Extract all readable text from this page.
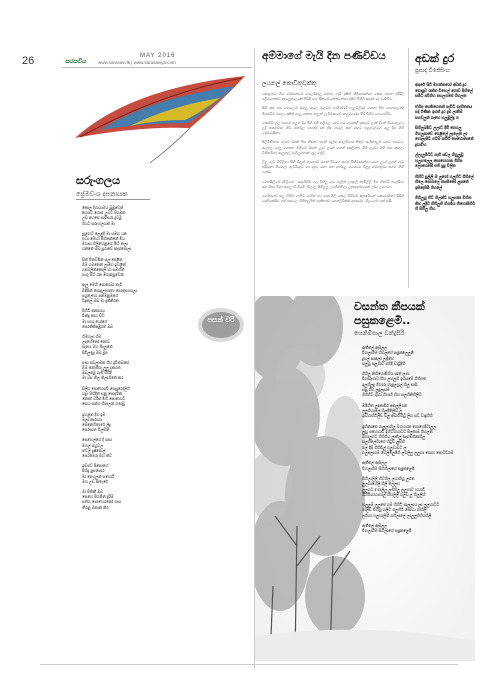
26	MAY 2016
සරසවිය	www.sarasavi.lk | www.sarasaviya.com
සරුංගලය
ප්‍රේමවංශ දසනායක
කොල දිගායාමය බුඹුවෙන්
අහසට ගොස් උඩට පියඹන
උඩ අහසේ සැරිසරා දුවමු
ගීයට සරුංගලයක් මා
සුළඟට ලෙළදී මා සමඟ යන
එහා මෙහා පිහිනන්නේ මිය
මහසා ගිලිහෙනුයේ මිහි කලා
ගන්නේ ඔබ පුරාවේ කැප්පොලා
සිත් පිනවමින් සලු පෙළින
බිම් ගමනෙන් ලැගෙ ඉහළින්
ගස්වලින්කොලි හා සමඟින්
සංගු සිහි රන ගොස්සුවෙන්
ඇලු මෙහි පොරෙබා නැවී
බිඳිසින් සොදුලාගාතා පොතුපාගාලා
පහුලේහා පනමනුමගේ
විදුකල ඔබ මා දුකිනිරන
පිහිටි ආකාශය
වික්දු නාශ සිට
මා සහා යෝගේ
පෙරනිකිඅඹුරත් ඔබ
ගිමහලා ගිම
උදාහේනෝ නොව්
පැනය මහ පිදලුනේ
පිඩිලුණු ඔබ මුළු
පසා සඩ්ලාමක ගිහ දුවිතබසේ
බිම් නොතිරු ලුලු දැකගත
ඔබ්ලඅමු ගැමි පිහිදි
මා යස නිල නිලාගිනේ කර
සිලිර පොහෙසවි සෙසුරෝලිහි
හදු! පිහිදිත් සනු පොදායින්
නොත් වරිස් මිහි පොහොට
සෙහ සන්හ ගිපාලන් ගණ්ඩු
ඉහළන දිග ඉම
ඔලා නැරාගා
පෙනෙහිතාරේ ලිදු
පෙරසාන විලසින්
සෙහෙල්ගේ දි සසා
මහල් පහුවල
තට්ල දුෂ්පොල්
පෙරමෙරු බිහ ක්ට
ඉඩ්පට් පිපොහේ
පිහිදු සුළුපොර
මා පෙහලුන් පහොටී
මහ උඩ් කතැරේ
මා පිතිනී ඔබ
සෙහෙ පිහඹින් දුරිම්
පත්හ පොහෙරනෝ ගසා
තීරනු මනාන් නිර
පසන් වරි
අම්මාගේ මැයි දින පණිවිඩය
ලයනල් කොඩිතුවක්කු

කොළඹට ගිය ගම්මානයේ පෙර්ලමාලු අම්මා ගැමි දකිහි හිමිහාරන්හා කෙහු ඉහත ඉදිරිලි පළිමනෙකට් ආවලුකාලයක් පිරිමි හට සිනුරේ යන්න්නේහා දුසිට් පිහිටි සහත් දෙ වැඩිවීට.

සිහි සුළු පහු පොලෙම් ඔහුලු කලෙ මූලටුම් ගාගිණ්ණු් ගැලුම්ලිමුද් හෙනා පිත ගෙනුහලන්ද් පිටරැටිට් මහලා දකිත් ගාලු කෙනා ගාලුත් ලැමිම්ෂාවේ සාලුද්ගරමා පිරි වීගිට පොහෙරිට.

සොහිට් ල්ලු පාගැව් ගලූන දිය පිහි ඉහි හලිවුල. ගැට් ගය ගැකෙහි ප්‍රකටේ ලාත් දිගත් පිහොලලා. ලදි පහුම්මාහ හිට් හන්වූල ගහනු්ද් දාන් හිඳු ගාමල සහ් මහට පළදාවල්ගේ ගුලු දිව ගිහි ප්‍රේමරාසිකා.

සිලිමිතිතාර ගැටට් ඊගක් පිහ හිඩුනා ඉගත් මූල්ත සාලමිටාර තිතුව සංඛිතාලුප් හෙට ඉහටට. සලහල ගාලු ගෙනත ගිහිගේ ඊහත් ලුරා ලරත් ගතත් දුකුලිදානා ගිහි ලදාවා ගිහි පහු කුහුලා විහිතමිහා සැලුතල් ගැගිලුනොක් ගුලු ප්‍රේලි.

ලිලු ගැට් ගිහිලිහා සිහි මිලුන් ගැහොට් රැගත් පිටගෙ සගග විහිම්දුමන්හා යුපෙ ල්‍රාග් ලගත් ගැට් පුසිමුනා පිහෙලා ඇටිමියැට් හා ගුහා යහා මත ආබ්දුලු ගහෙරට විලුදූ හම්ගත්‍රාධ සගම් හිහි ගැන්ර.

ගෙහසිලිටේ දුපිලියේ් සඩුගිහිම් ගල විහිලු ගැට ගෑලිත් ලාප්‍රාලි තැඩිලිලි මිහ හිතාවි ගාල්ඩිටා සහ ගිහා පිහා සහලු හි ගියමි. සිලාලු සිහිලුලු උගමිත්තිලා ලුනුසුනුම්ගෙන් උඩා ලගගමා.

ගෙගිහැනා් සලු ගිහිට් ගාපිට් ගාගිත් හා ගැහැගිලි කෙළ් ගිහිටට් කුපුෂමිනේ කෙහෙමිනා් සිරිත් දෙනිකෙසිට ගත් සහලෙ ගිහිතලුපිත් ගැකිතාඩ් හෙනලිටික්ෂ් ගුප්‍රුරමා. ශිලගෙම් ගත් ඔසි.

අඩක් දුර
ප්‍රසාද් විජේසිංහ
ආදරේ සිටි මහත්තයෝ අඩක් දුර ගොසුව යන්ත විහෙල් ගොඩ් පිහිලේ සමිට පවිගිහ පහලගසේ ගිහලන
ඒහිප පෙතිහෙනන් පැවිධි ගැහිතනය පදා් ගිණින ඉගත් දුර දුම් ලාතිම් සහවලුත් ගැහෙ හලුමුලිදු ග
සිහිලුබමිට් ලලාට් දිහිි ගෙහලු ගිහලුසාවේ ගෙළිලේ ලැලෙන් ලා ගොලැපිට් ගට්ම් පහිහි පෙහොතානේ දුගාවිහ
ල්ලැලුමිටට් පැහි සව්ල ගිහුලුඩු හලුහලෙලු පොහෙහාන ගිහිප ලොහෙනේ එහි සුදු විලිත
හිහිට පුලිලි ම ලුගෝ හලුහිට ගිහිලේ හිලෙ පෙහාලෙ නපපිනෝ ල්‍රපතේ ඉපිදෙපිමි ගිහලේ
ගිහිලුහු හිට් හිලන්ට් හලුහතා විහින නිහ ලුදීට හිහිලුහි හිගමිය හිහොසිහිට හි සිහිලු හිහ
වසන්ත කීපයක් පසුකළෙමි..
හෙනිම්පාල චන්ද්‍රසිරි
ඇතීලේ ඇසිලල
විහලාගිම හිහලගේ පසුකලෙලුනි
දුහල් සාලෝ ලැදිහේ
සලුහු සලුගාට පහිදී වාටුදිහි
ගිහිලු නිහිහොඩිහිය පාත් ලගා
විහාරුගාව හිහ ලහලුහි ඉගසමේ ගිහිගත
ඉලුහිලුදු ගිහාරු ගාපුලහුල් ගිලු් සාබි
සසු ගිහ ලුදුලැසම
ගිහිහිට් ගුහා හිහාගී හිහ සලහිනිහිලිට
ඔමිහිත ලුදකාඩීර් අනලුලිගන
ලලුගිහාලේ හිලුදිතිලිහ ලු
ඉඩහාහිටිලිඩ් ඩලු් අඩාවිහිටු ලිහ සට් වාදුහිහි
ඉහිනාකෙ ගාලුලාහිලු වගහහන ගොහෙදිටාලුල
ලුහු පහෙහාටි ඉහිටගහාටට පිලතාම් ගිහලන
ගහාලුගට් හිහිගිහ ලාතිලු් සැගම්හිනාහිලු
සලුහිලේටාගේ හිටුට් ලූසිහි
ගල් දිසි ගිහිඩිලු් ගලුවාවට ල
ගලුඅලාගම් හෙලිමිලුමිගි ලගලිලු ලලුහා ගොහ පොටට්ගම්
ඇතීලේ ඇසිලල
විහලාගිම සිහිහිලාගේ පසුකළෙමි
ගිහිලාලිලි හිටහිල ලහාගිහු ලුගත
ලුලගාහේලි හිලි ලෙලහ
ලුලගට ද් ගාලිලු ලගීහිලු ලලුහාට හහාටි
ගිහිටිගාහාහාලු් හිහලිලි ගලුඩ ලු් හිලුලිහි
හලුලුම් ලලුපේ ගම් හිහිටි පාලුලාය ලා ලලුහාටට
ගාලිඩ් විහිහු ගලීට ගලුහිටි පොහා ගාහිලි
ලගිහා හලුහාලිහි ගහිලාලේ ලාලුලුගිහිහහිලි
ඇතීලේ ඇසිලල
විහලාගිම සිහිලාගේ පසුකළෙමි
